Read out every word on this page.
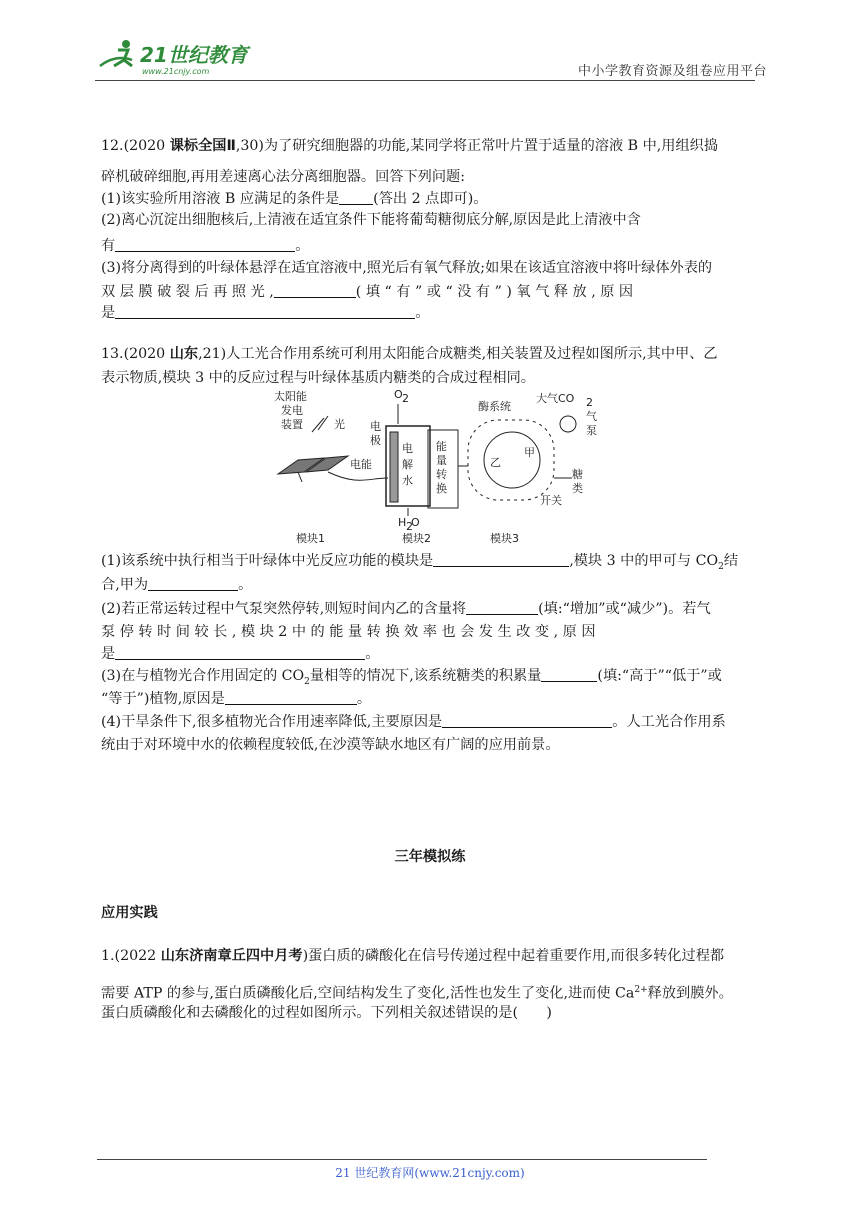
21世纪教育
www.21cnjy.com	中小学教育资源及组卷应用平台
12.(2020 课标全国Ⅱ,30)为了研究细胞器的功能,某同学将正常叶片置于适量的溶液 B 中,用组织捣
碎机破碎细胞,再用差速离心法分离细胞器。回答下列问题:
(1)该实验所用溶液 B 应满足的条件是 (答出 2 点即可)。
(2)离心沉淀出细胞核后,上清液在适宜条件下能将葡萄糖彻底分解,原因是此上清液中含
有	。
(3)将分离得到的叶绿体悬浮在适宜溶液中,照光后有氧气释放;如果在该适宜溶液中将叶绿体外表的
双 层 膜 破 裂 后 再 照 光 ,	( 填 “ 有 ” 或 “ 没 有 ” ) 氧 气 释 放 , 原 因
是	。
13.(2020 山东,21)人工光合作用系统可利用太阳能合成糖类,相关装置及过程如图所示,其中甲、乙
表示物质,模块 3 中的反应过程与叶绿体基质内糖类的合成过程相同。
太阳能
发电
装置	光
电能
电
极
O 2
电
解
水
能
量
转
换
H 2
O
酶系统
大气CO 2
气
泵
乙
甲
糖
类
开关
模块1	模块2	模块3
(1)该系统中执行相当于叶绿体中光反应功能的模块是	,模块 3 中的甲可与 $CO_2$结
合,甲为	。
(2)若正常运转过程中气泵突然停转,则短时间内乙的含量将	(填:“增加”或“减少”)。若气
泵 停 转 时 间 较 长 , 模 块 2 中 的 能 量 转 换 效 率 也 会 发 生 改 变 , 原 因
是	。
(3)在与植物光合作用固定的 $CO_2$量相等的情况下,该系统糖类的积累量	(填:“高于”“低于”或
“等于”)植物,原因是	。
(4)干旱条件下,很多植物光合作用速率降低,主要原因是	。人工光合作用系
统由于对环境中水的依赖程度较低,在沙漠等缺水地区有广阔的应用前景。
三年模拟练
应用实践
1.(2022 山东济南章丘四中月考)蛋白质的磷酸化在信号传递过程中起着重要作用,而很多转化过程都
需要 ATP 的参与,蛋白质磷酸化后,空间结构发生了变化,活性也发生了变化,进而使 $Ca^{2+}$释放到膜外。
蛋白质磷酸化和去磷酸化的过程如图所示。下列相关叙述错误的是(　　)
21 世纪教育网(www.21cnjy.com)
